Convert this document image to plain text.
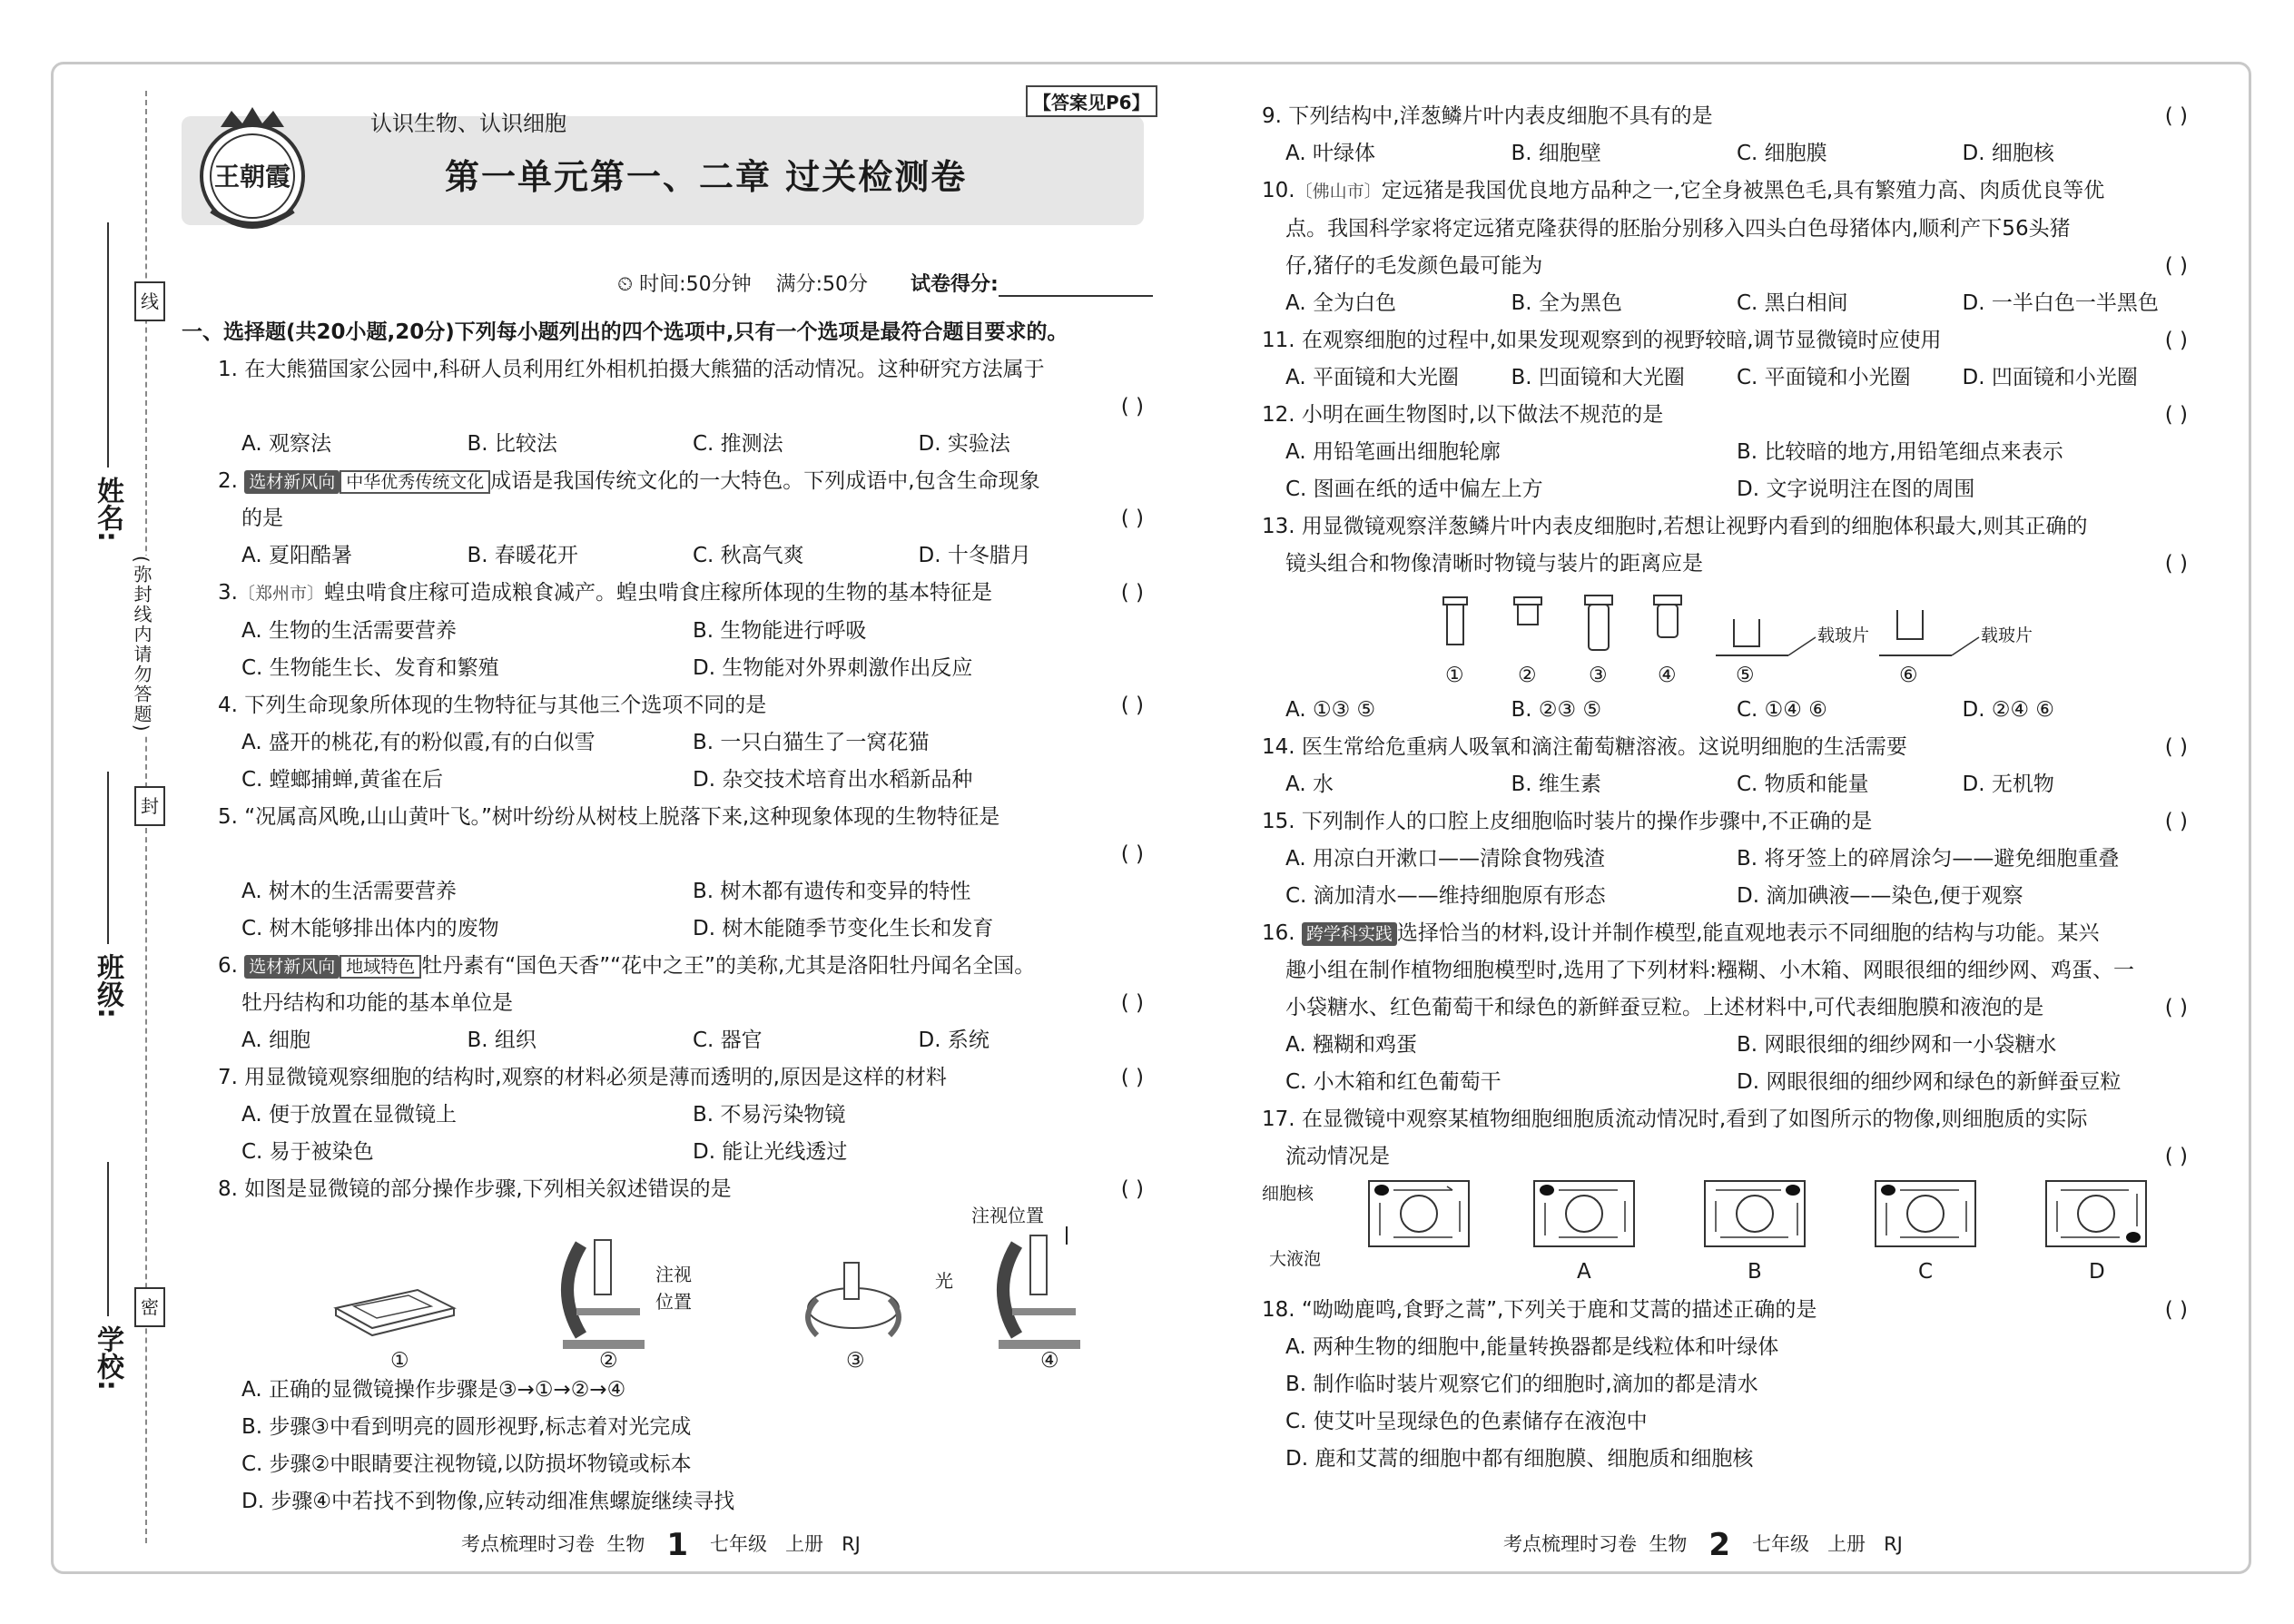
学校:
班级:
姓名:
线
封
密
(弥封线内请勿答题)
王朝霞
认识生物、认识细胞
【答案见P6】
第一单元第一、二章 过关检测卷
⏲ 时间:50分钟 满分:50分 试卷得分:
一、选择题(共20小题,20分)下列每小题列出的四个选项中,只有一个选项是最符合题目要求的。
1. 在大熊猫国家公园中,科研人员利用红外相机拍摄大熊猫的活动情况。这种研究方法属于
( )
A. 观察法	B. 比较法	C. 推测法	D. 实验法
2. 选材新风向 中华优秀传统文化 成语是我国传统文化的一大特色。下列成语中,包含生命现象
的是	( )
A. 夏阳酷暑	B. 春暖花开	C. 秋高气爽	D. 十冬腊月
3.〔郑州市〕蝗虫啃食庄稼可造成粮食减产。蝗虫啃食庄稼所体现的生物的基本特征是	( )
A. 生物的生活需要营养	B. 生物能进行呼吸
C. 生物能生长、发育和繁殖	D. 生物能对外界刺激作出反应
4. 下列生命现象所体现的生物特征与其他三个选项不同的是	( )
A. 盛开的桃花,有的粉似霞,有的白似雪	B. 一只白猫生了一窝花猫
C. 螳螂捕蝉,黄雀在后	D. 杂交技术培育出水稻新品种
5. “况属高风晚,山山黄叶飞。”树叶纷纷从树枝上脱落下来,这种现象体现的生物特征是
( )
A. 树木的生活需要营养	B. 树木都有遗传和变异的特性
C. 树木能够排出体内的废物	D. 树木能随季节变化生长和发育
6. 选材新风向 地域特色 牡丹素有“国色天香”“花中之王”的美称,尤其是洛阳牡丹闻名全国。
牡丹结构和功能的基本单位是	( )
A. 细胞	B. 组织	C. 器官	D. 系统
7. 用显微镜观察细胞的结构时,观察的材料必须是薄而透明的,原因是这样的材料	( )
A. 便于放置在显微镜上	B. 不易污染物镜
C. 易于被染色	D. 能让光线透过
8. 如图是显微镜的部分操作步骤,下列相关叙述错误的是	( )
注视
位置
光
注视位置
①	②	③	④
A. 正确的显微镜操作步骤是③→①→②→④
B. 步骤③中看到明亮的圆形视野,标志着对光完成
C. 步骤②中眼睛要注视物镜,以防损坏物镜或标本
D. 步骤④中若找不到物像,应转动细准焦螺旋继续寻找
9. 下列结构中,洋葱鳞片叶内表皮细胞不具有的是	( )
A. 叶绿体	B. 细胞壁	C. 细胞膜	D. 细胞核
10.〔佛山市〕定远猪是我国优良地方品种之一,它全身被黑色毛,具有繁殖力高、肉质优良等优
点。我国科学家将定远猪克隆获得的胚胎分别移入四头白色母猪体内,顺利产下56头猪
仔,猪仔的毛发颜色最可能为	( )
A. 全为白色	B. 全为黑色	C. 黑白相间	D. 一半白色一半黑色
11. 在观察细胞的过程中,如果发现观察到的视野较暗,调节显微镜时应使用	( )
A. 平面镜和大光圈	B. 凹面镜和大光圈	C. 平面镜和小光圈	D. 凹面镜和小光圈
12. 小明在画生物图时,以下做法不规范的是	( )
A. 用铅笔画出细胞轮廓	B. 比较暗的地方,用铅笔细点来表示
C. 图画在纸的适中偏左上方	D. 文字说明注在图的周围
13. 用显微镜观察洋葱鳞片叶内表皮细胞时,若想让视野内看到的细胞体积最大,则其正确的
镜头组合和物像清晰时物镜与装片的距离应是	( )
载玻片	载玻片
①	② ③ ④	⑤	⑥
A. ①③ ⑤	B. ②③ ⑤	C. ①④ ⑥	D. ②④ ⑥
14. 医生常给危重病人吸氧和滴注葡萄糖溶液。这说明细胞的生活需要	( )
A. 水	B. 维生素	C. 物质和能量	D. 无机物
15. 下列制作人的口腔上皮细胞临时装片的操作步骤中,不正确的是	( )
A. 用凉白开漱口——清除食物残渣	B. 将牙签上的碎屑涂匀——避免细胞重叠
C. 滴加清水——维持细胞原有形态	D. 滴加碘液——染色,便于观察
16. 跨学科实践 选择恰当的材料,设计并制作模型,能直观地表示不同细胞的结构与功能。某兴
趣小组在制作植物细胞模型时,选用了下列材料:糨糊、小木箱、网眼很细的细纱网、鸡蛋、一
小袋糖水、红色葡萄干和绿色的新鲜蚕豆粒。上述材料中,可代表细胞膜和液泡的是	( )
A. 糨糊和鸡蛋	B. 网眼很细的细纱网和一小袋糖水
C. 小木箱和红色葡萄干	D. 网眼很细的细纱网和绿色的新鲜蚕豆粒
17. 在显微镜中观察某植物细胞细胞质流动情况时,看到了如图所示的物像,则细胞质的实际
流动情况是	( )
细胞核
大液泡
A	B	C	D
18. “呦呦鹿鸣,食野之蒿”,下列关于鹿和艾蒿的描述正确的是	( )
A. 两种生物的细胞中,能量转换器都是线粒体和叶绿体
B. 制作临时装片观察它们的细胞时,滴加的都是清水
C. 使艾叶呈现绿色的色素储存在液泡中
D. 鹿和艾蒿的细胞中都有细胞膜、细胞质和细胞核
考点梳理时习卷 生物 1 七年级 上册 RJ	考点梳理时习卷 生物 2 七年级 上册 RJ
